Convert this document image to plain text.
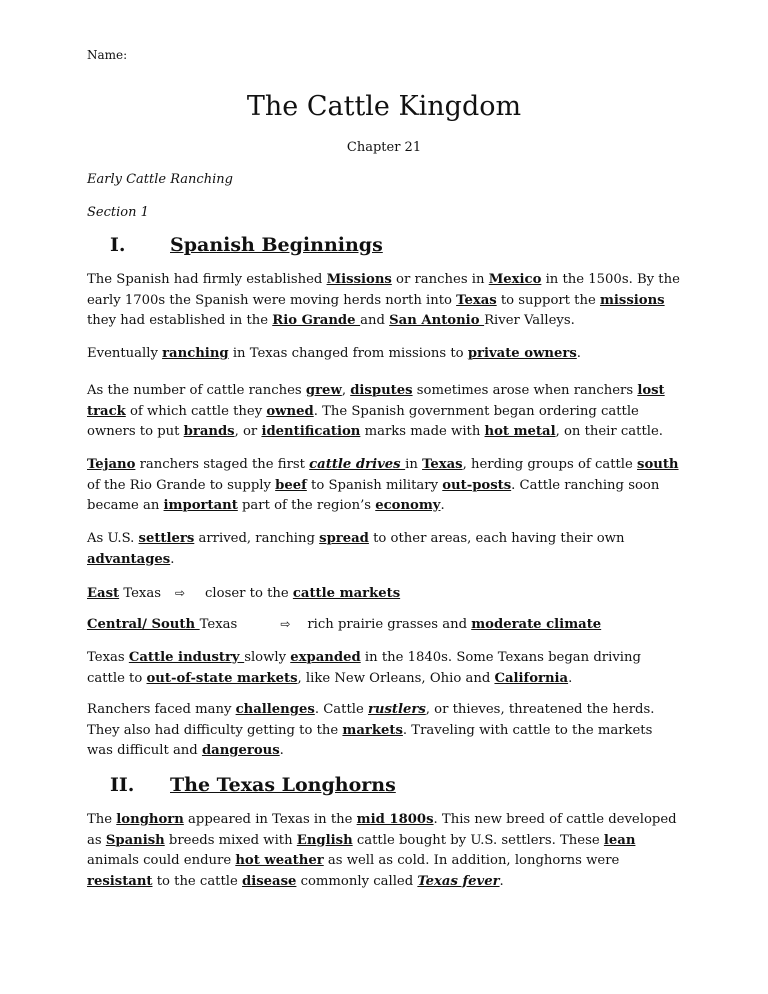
Name:
The Cattle Kingdom
Chapter 21
Early Cattle Ranching
Section 1
I. Spanish Beginnings
The Spanish had firmly established Missions or ranches in Mexico in the 1500s. By the early 1700s the Spanish were moving herds north into Texas to support the missions they had established in the Rio Grande and San Antonio River Valleys.
Eventually ranching in Texas changed from missions to private owners.
As the number of cattle ranches grew, disputes sometimes arose when ranchers lost track of which cattle they owned. The Spanish government began ordering cattle owners to put brands, or identification marks made with hot metal, on their cattle.
Tejano ranchers staged the first cattle drives in Texas, herding groups of cattle south of the Rio Grande to supply beef to Spanish military out-posts. Cattle ranching soon became an important part of the region’s economy.
As U.S. settlers arrived, ranching spread to other areas, each having their own advantages.
East Texas ⇨ closer to the cattle markets
Central/ South Texas	⇨ rich prairie grasses and moderate climate
Texas Cattle industry slowly expanded in the 1840s. Some Texans began driving cattle to out-of-state markets, like New Orleans, Ohio and California.
Ranchers faced many challenges. Cattle rustlers, or thieves, threatened the herds. They also had difficulty getting to the markets. Traveling with cattle to the markets was difficult and dangerous.
II. The Texas Longhorns
The longhorn appeared in Texas in the mid 1800s. This new breed of cattle developed as Spanish breeds mixed with English cattle bought by U.S. settlers. These lean animals could endure hot weather as well as cold. In addition, longhorns were resistant to the cattle disease commonly called Texas fever.
